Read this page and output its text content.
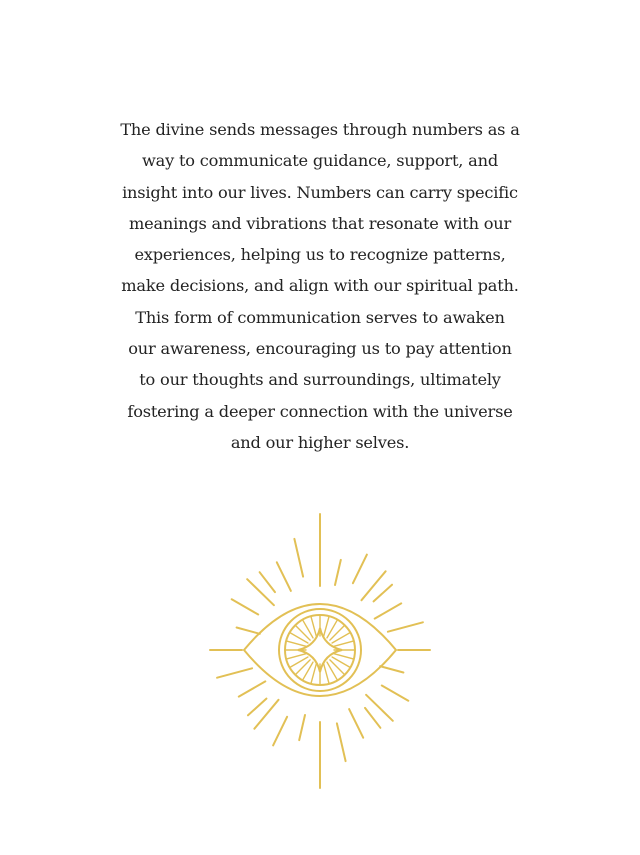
The divine sends messages through numbers as a way to communicate guidance, support, and insight into our lives. Numbers can carry specific meanings and vibrations that resonate with our experiences, helping us to recognize patterns, make decisions, and align with our spiritual path. This form of communication serves to awaken our awareness, encouraging us to pay attention to our thoughts and surroundings, ultimately fostering a deeper connection with the universe and our higher selves.
